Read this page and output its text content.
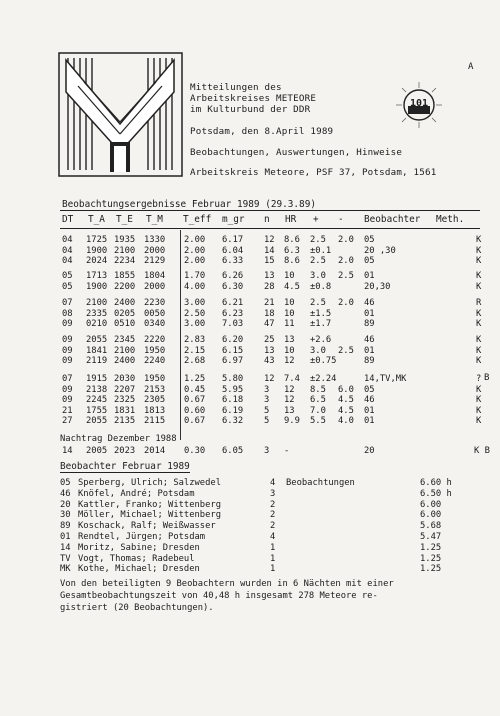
Mitteilungen des
Arbeitskreises METEORE
im Kulturbund der DDR
Potsdam, den 8.April 1989
Beobachtungen, Auswertungen, Hinweise
Arbeitskreis Meteore, PSF 37, Potsdam, 1561
A
101
Beobachtungsergebnisse Februar 1989 (29.3.89)
DT T_A T_E T_M T_eff m_gr n HR + - Beobachter Meth.
B
04 1725 1935 1330 2.00 6.17 12 8.6 2.5 2.0 05	K
04 1900 2100 2000 2.00 6.04 14 6.3 ±0.1	20 ,30	K
04 2024 2234 2129 2.00 6.33 15 8.6 2.5 2.0 05	K
05 1713 1855 1804 1.70 6.26 13 10 3.0 2.5 01	K
05 1900 2200 2000 4.00 6.30 28 4.5 ±0.8	20,30	K
07 2100 2400 2230 3.00 6.21 21 10 2.5 2.0 46	R
08 2335 0205 0050 2.50 6.23 18 10 ±1.5	01	K
09 0210 0510 0340 3.00 7.03 47 11 ±1.7	89	K
09 2055 2345 2220 2.83 6.20 25 13 +2.6	46	K
09 1841 2100 1950 2.15 6.15 13 10 3.0 2.5 01	K
09 2119 2400 2240 2.68 6.97 43 12 ±0.75	89	K
07 1915 2030 1950 1.25 5.80 12 7.4 ±2.24	14,TV,MK	?
09 2138 2207 2153 0.45 5.95 3 12 8.5 6.0 05	K
09 2245 2325 2305 0.67 6.18 3 12 6.5 4.5 46	K
21 1755 1831 1813 0.60 6.19 5 13 7.0 4.5 01	K
27 2055 2135 2115 0.67 6.32 5 9.9 5.5 4.0 01	K
Nachtrag Dezember 1988
14 2005 2023 2014 0.30 6.05 3 -	20	K B
Beobachter Februar 1989
05 Sperberg, Ulrich; Salzwedel	4 Beobachtungen	6.60 h
46 Knöfel, André; Potsdam	3	6.50 h
20 Kattler, Franko; Wittenberg	2	6.00
30 Möller, Michael; Wittenberg	2	6.00
89 Koschack, Ralf; Weißwasser	2	5.68
01 Rendtel, Jürgen; Potsdam	4	5.47
14 Moritz, Sabine; Dresden	1	1.25
TV Vogt, Thomas; Radebeul	1	1.25
MK Kothe, Michael; Dresden	1	1.25
Von den beteiligten 9 Beobachtern wurden in 6 Nächten mit einer
Gesamtbeobachtungszeit von 40,48 h insgesamt 278 Meteore re-
gistriert (20 Beobachtungen).
